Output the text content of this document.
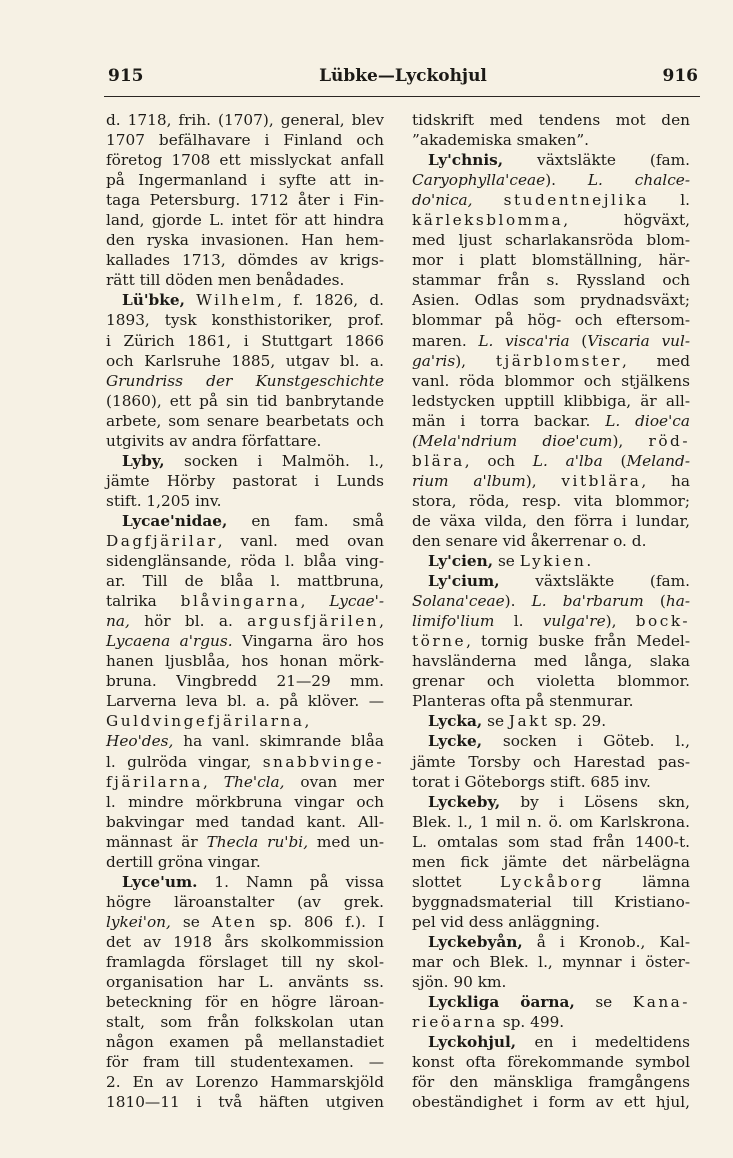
915	Lübke—Lyckohjul	916
d. 1718, frih. (1707), general, blev
1707 befälhavare i Finland och
företog 1708 ett misslyckat anfall
på Ingermanland i syfte att in-
taga Petersburg. 1712 åter i Fin-
land, gjorde L. intet för att hindra
den ryska invasionen. Han hem-
kallades 1713, dömdes av krigs-
rätt till döden men benådades.
Lü'bke, Wilhelm, f. 1826, d.
1893, tysk konsthistoriker, prof.
i Zürich 1861, i Stuttgart 1866
och Karlsruhe 1885, utgav bl. a.
Grundriss der Kunstgeschichte
(1860), ett på sin tid banbrytande
arbete, som senare bearbetats och
utgivits av andra författare.
Lyby, socken i Malmöh. l.,
jämte Hörby pastorat i Lunds
stift. 1,205 inv.
Lycae'nidae, en fam. små
Dagfjärilar, vanl. med ovan
sidenglänsande, röda l. blåa ving-
ar. Till de blåa l. mattbruna,
talrika blåvingarna, Lycae'-
na, hör bl. a. argusfjärilen,
Lycaena a'rgus. Vingarna äro hos
hanen ljusblåa, hos honan mörk-
bruna. Vingbredd 21—29 mm.
Larverna leva bl. a. på klöver. —
Guldvingefjärilarna,
Heo'des, ha vanl. skimrande blåa
l. gulröda vingar, snabbvinge-
fjärilarna, The'cla, ovan mer
l. mindre mörkbruna vingar och
bakvingar med tandad kant. All-
männast är Thecla ru'bi, med un-
dertill gröna vingar.
Lyce'um. 1. Namn på vissa
högre läroanstalter (av grek.
lykei'on, se Aten sp. 806 f.). I
det av 1918 års skolkommission
framlagda förslaget till ny skol-
organisation har L. använts ss.
beteckning för en högre läroan-
stalt, som från folkskolan utan
någon examen på mellanstadiet
för fram till studentexamen. —
2. En av Lorenzo Hammarskjöld
1810—11 i två häften utgiven
tidskrift med tendens mot den
”akademiska smaken”.
Ly'chnis, växtsläkte (fam.
Caryophylla'ceae). L. chalce-
do'nica, studentnejlika l.
kärleksblomma, högväxt,
med ljust scharlakansröda blom-
mor i platt blomställning, här-
stammar från s. Ryssland och
Asien. Odlas som prydnadsväxt;
blommar på hög- och eftersom-
maren. L. visca'ria (Viscaria vul-
ga'ris), tjärblomster, med
vanl. röda blommor och stjälkens
ledstycken upptill klibbiga, är all-
män i torra backar. L. dioe'ca
(Mela'ndrium dioe'cum), röd-
blära, och L. a'lba (Meland-
rium a'lbum), vitblära, ha
stora, röda, resp. vita blommor;
de växa vilda, den förra i lundar,
den senare vid åkerrenar o. d.
Ly'cien, se Lykien.
Ly'cium, växtsläkte (fam.
Solana'ceae). L. ba'rbarum (ha-
limifo'lium l. vulga're), bock-
törne, tornig buske från Medel-
havsländerna med långa, slaka
grenar och violetta blommor.
Planteras ofta på stenmurar.
Lycka, se Jakt sp. 29.
Lycke, socken i Göteb. l.,
jämte Torsby och Harestad pas-
torat i Göteborgs stift. 685 inv.
Lyckeby, by i Lösens skn,
Blek. l., 1 mil n. ö. om Karlskrona.
L. omtalas som stad från 1400-t.
men fick jämte det närbelägna
slottet Lyckåborg lämna
byggnadsmaterial till Kristiano-
pel vid dess anläggning.
Lyckebyån, å i Kronob., Kal-
mar och Blek. l., mynnar i öster-
sjön. 90 km.
Lyckliga öarna, se Kana-
rieöarna sp. 499.
Lyckohjul, en i medeltidens
konst ofta förekommande symbol
för den mänskliga framgångens
obeständighet i form av ett hjul,
